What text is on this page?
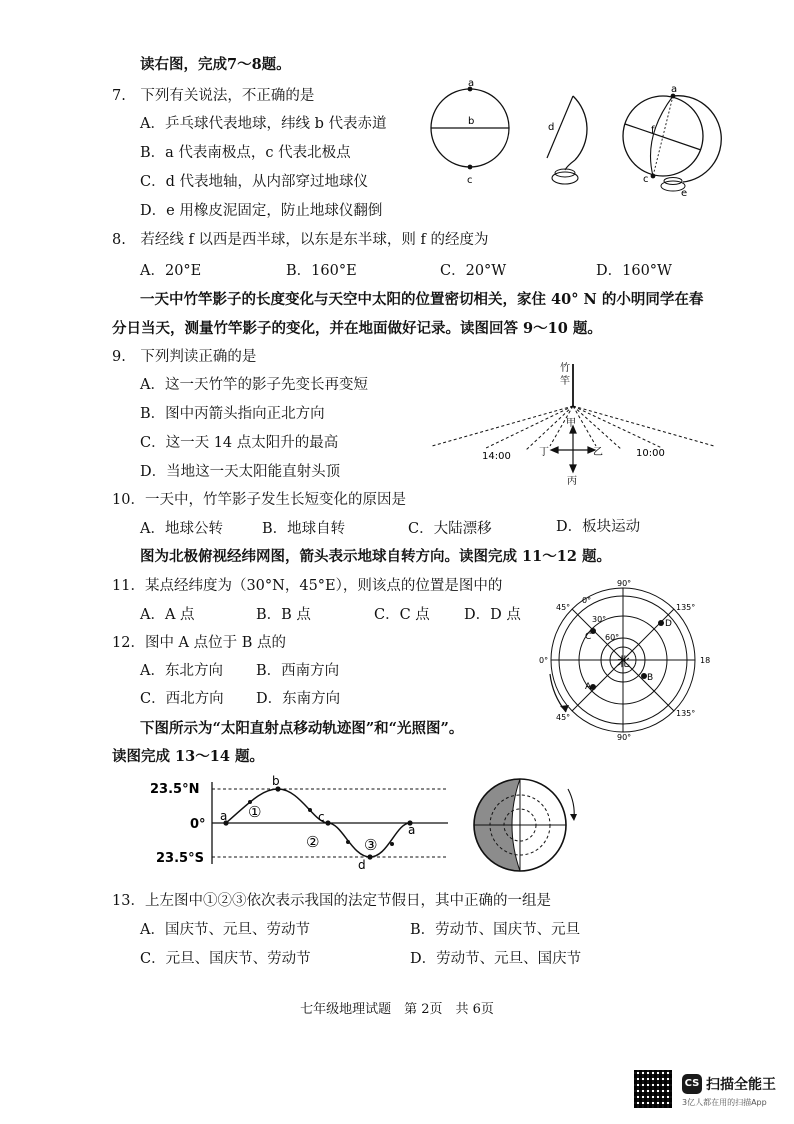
读右图，完成7～8题。
7.　下列有关说法，不正确的是
A．乒乓球代表地球，纬线 b 代表赤道
B．a 代表南极点，c 代表北极点
C．d 代表地轴，从内部穿过地球仪
D．e 用橡皮泥固定，防止地球仪翻倒
a
b
c
d
a
f
c
e
8.　若经线 f 以西是西半球，以东是东半球，则 f 的经度为
A．20°E	B．160°E	C．20°W	D．160°W
一天中竹竿影子的长度变化与天空中太阳的位置密切相关，家住 40° N 的小明同学在春
分日当天，测量竹竿影子的变化，并在地面做好记录。读图回答 9～10 题。
9.　下列判读正确的是
A．这一天竹竿的影子先变长再变短
B．图中丙箭头指向正北方向
C．这一天 14 点太阳升的最高
D．当地这一天太阳能直射头顶
竹
竿
甲
乙
丙
丁
14:00	10:00
10．一天中，竹竿影子发生长短变化的原因是
A．地球公转	B．地球自转	C．大陆漂移	D．板块运动
图为北极俯视经纬网图，箭头表示地球自转方向。读图完成 11～12 题。
11．某点经纬度为（30°N，45°E），则该点的位置是图中的
A．A 点	B．B 点	C．C 点 D．D 点
12．图中 A 点位于 B 点的
A．东北方向 B．西南方向
C．西北方向 D．东南方向
北
90°
45°	135°
0°	18
45°	135°
90°
0°
30°
60°
A
B
C
D
下图所示为“太阳直射点移动轨迹图”和“光照图”。
读图完成 13～14 题。
23.5°N
0°
23.5°S
a
b
c
d
a
①
②	③
13．上左图中①②③依次表示我国的法定节假日，其中正确的一组是
A．国庆节、元旦、劳动节	B．劳动节、国庆节、元旦
C．元旦、国庆节、劳动节	D．劳动节、元旦、国庆节
七年级地理试题　第 2页　共 6页
CS 扫描全能王
3亿人都在用的扫描App
